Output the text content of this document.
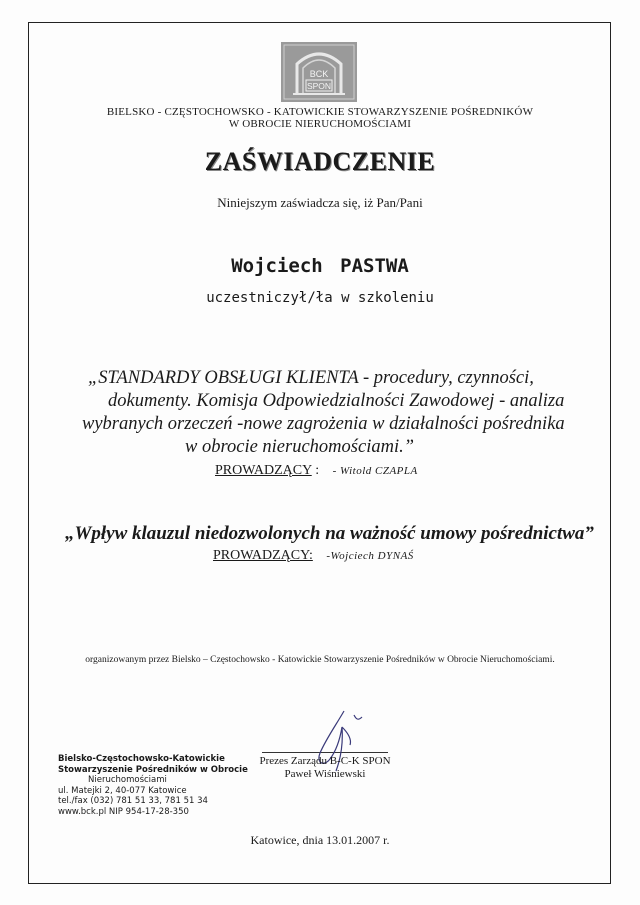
BCK
SPON
BIELSKO - CZĘSTOCHOWSKO - KATOWICKIE STOWARZYSZENIE POŚREDNIKÓW
W OBROCIE NIERUCHOMOŚCIAMI
ZAŚWIADCZENIE
Niniejszym zaświadcza się, iż Pan/Pani
Wojciech PASTWA
uczestniczył/ła w szkoleniu
„STANDARDY OBSŁUGI KLIENTA - procedury, czynności,
dokumenty. Komisja Odpowiedzialności Zawodowej - analiza
wybranych orzeczeń -nowe zagrożenia w działalności pośrednika
w obrocie nieruchomościami.”
PROWADZĄCY : - Witold CZAPLA
„Wpływ klauzul niedozwolonych na ważność umowy pośrednictwa”
PROWADZĄCY: -Wojciech DYNAŚ
organizowanym przez Bielsko – Częstochowsko - Katowickie Stowarzyszenie Pośredników w Obrocie Nieruchomościami.
Bielsko-Częstochowsko-Katowickie
Stowarzyszenie Pośredników w Obrocie
Nieruchomościami
ul. Matejki 2, 40-077 Katowice
tel./fax (032) 781 51 33, 781 51 34
www.bck.pl NIP 954-17-28-350
Prezes Zarządu B-C-K SPON
Paweł Wiśniewski
Katowice, dnia 13.01.2007 r.
